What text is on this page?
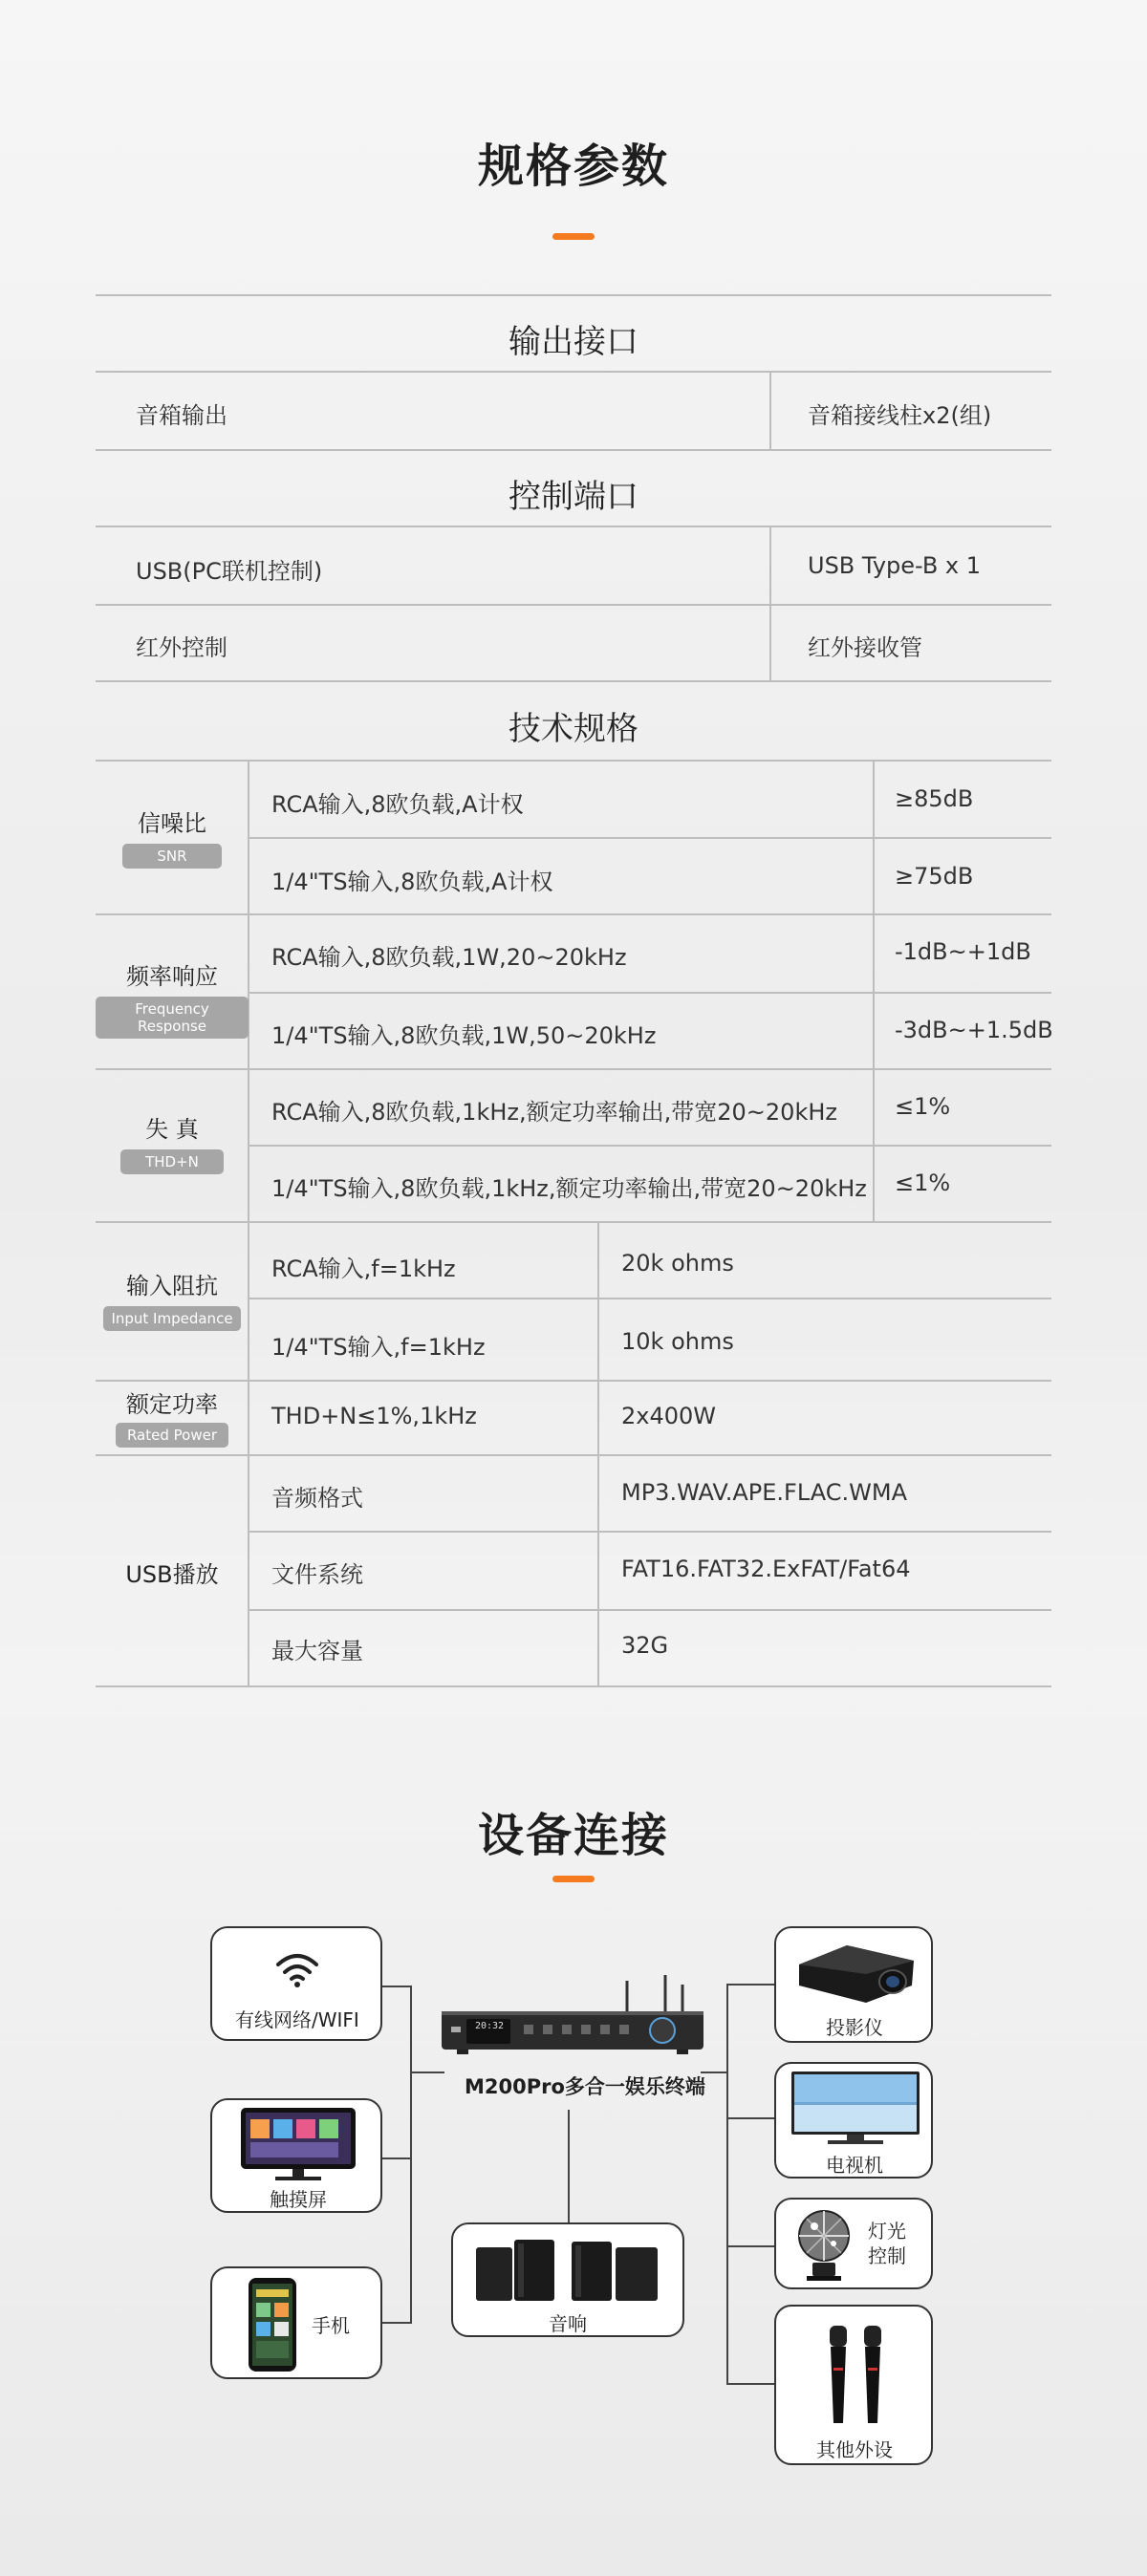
规格参数
输出接口
音箱输出	音箱接线柱x2(组)
控制端口
USB(PC联机控制)	USB Type-B x 1
红外控制	红外接收管
技术规格
信噪比
SNR
RCA输入,8欧负载,A计权	≥85dB
1/4"TS输入,8欧负载,A计权	≥75dB
频率响应
Frequency Response
RCA输入,8欧负载,1W,20~20kHz	-1dB~+1dB
1/4"TS输入,8欧负载,1W,50~20kHz	-3dB~+1.5dB
失 真
THD+N
RCA输入,8欧负载,1kHz,额定功率输出,带宽20~20kHz	≤1%
1/4"TS输入,8欧负载,1kHz,额定功率输出,带宽20~20kHz ≤1%
输入阻抗
Input Impedance
RCA输入,f=1kHz	20k ohms
1/4"TS输入,f=1kHz	10k ohms
额定功率
Rated Power
THD+N≤1%,1kHz	2x400W
USB播放
音频格式	MP3.WAV.APE.FLAC.WMA
文件系统	FAT16.FAT32.ExFAT/Fat64
最大容量	32G
设备连接
20:32
M200Pro多合一娱乐终端
有线网络/WIFI
触摸屏
手机	音响
投影仪
电视机
灯光
控制
其他外设
